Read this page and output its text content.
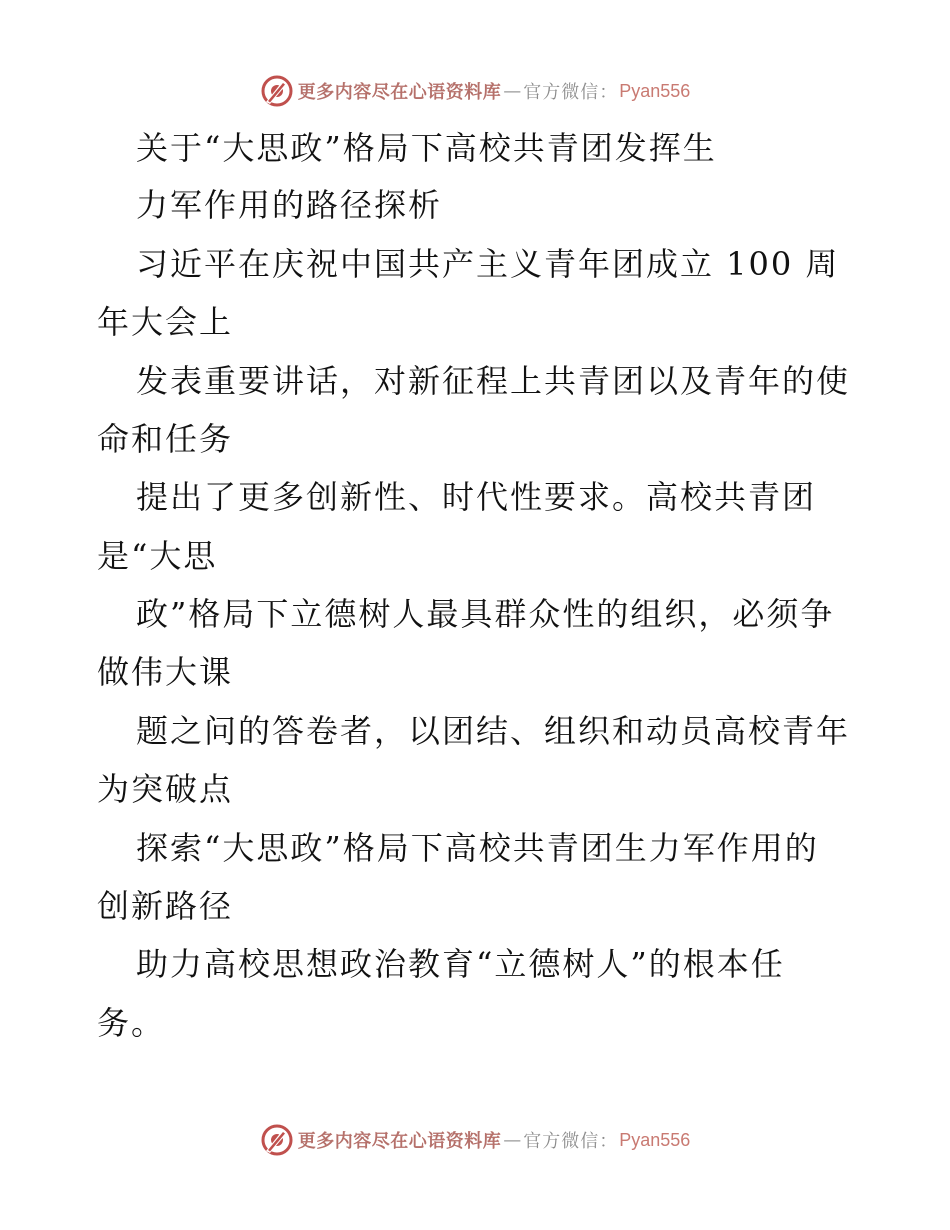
更多内容尽在心语资料库 — 官方微信 ： Pyan556
关于“大思政”格局下高校共青团发挥生
力军作用的路径探析
习近平在庆祝中国共产主义青年团成立 100 周
年大会上
发表重要讲话，对新征程上共青团以及青年的使
命和任务
提出了更多创新性、时代性要求。高校共青团
是“大思
政”格局下立德树人最具群众性的组织，必须争
做伟大课
题之问的答卷者，以团结、组织和动员高校青年
为突破点
探索“大思政”格局下高校共青团生力军作用的
创新路径
助力高校思想政治教育“立德树人”的根本任
务。
更多内容尽在心语资料库 — 官方微信 ： Pyan556
